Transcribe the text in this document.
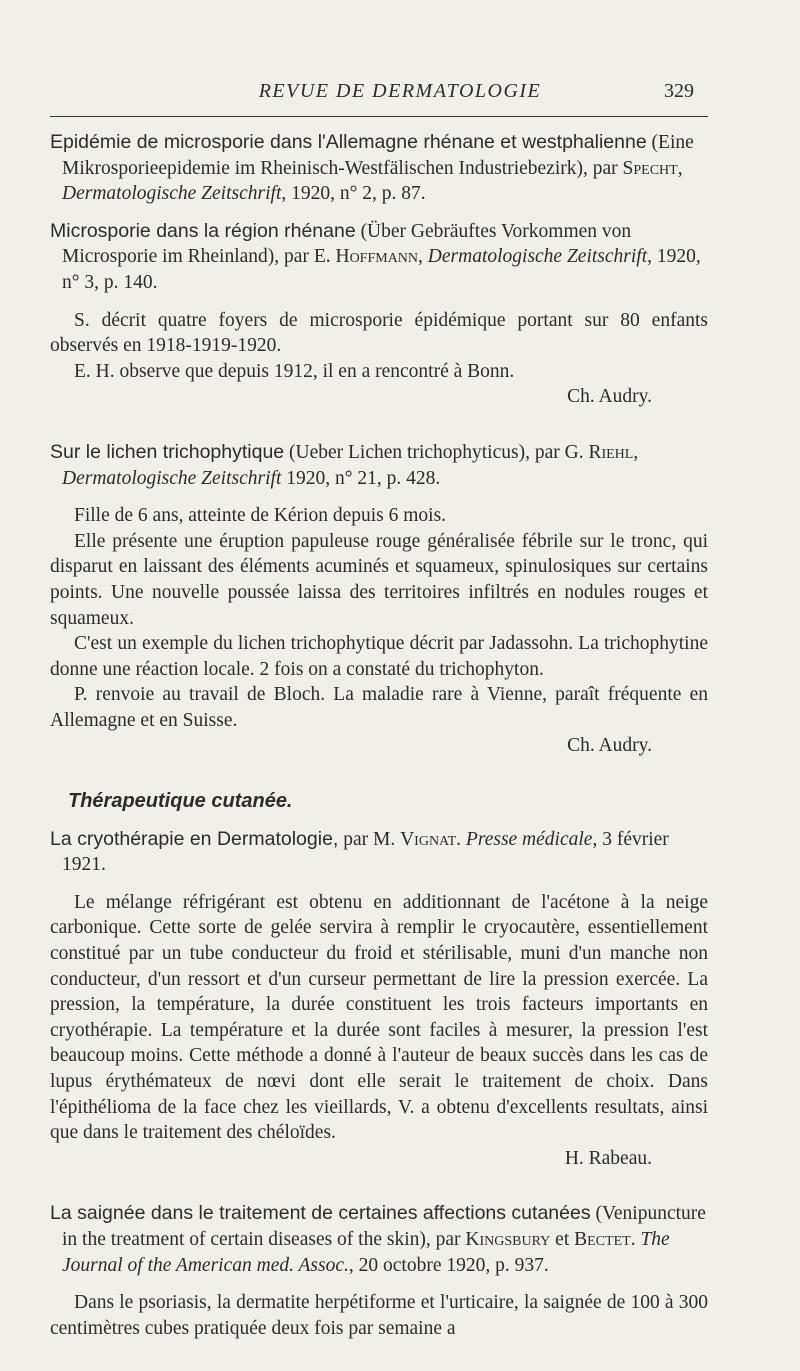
REVUE DE DERMATOLOGIE	329

Epidémie de microsporie dans l'Allemagne rhénane et westphalienne (Eine Mikrosporieepidemie im Rheinisch-Westfälischen Industriebezirk), par Specht, Dermatologische Zeitschrift, 1920, n° 2, p. 87.

Microsporie dans la région rhénane (Über Gebräuftes Vorkommen von Microsporie im Rheinland), par E. Hoffmann, Dermatologische Zeitschrift, 1920, n° 3, p. 140.

S. décrit quatre foyers de microsporie épidémique portant sur 80 enfants observés en 1918-1919-1920.

E. H. observe que depuis 1912, il en a rencontré à Bonn.

Ch. Audry.

Sur le lichen trichophytique (Ueber Lichen trichophyticus), par G. Riehl, Dermatologische Zeitschrift 1920, n° 21, p. 428.

Fille de 6 ans, atteinte de Kérion depuis 6 mois.

Elle présente une éruption papuleuse rouge généralisée fébrile sur le tronc, qui disparut en laissant des éléments acuminés et squameux, spinulosiques sur certains points. Une nouvelle poussée laissa des territoires infiltrés en nodules rouges et squameux.

C'est un exemple du lichen trichophytique décrit par Jadassohn. La trichophytine donne une réaction locale. 2 fois on a constaté du trichophyton.

P. renvoie au travail de Bloch. La maladie rare à Vienne, paraît fréquente en Allemagne et en Suisse.

Ch. Audry.

Thérapeutique cutanée.

La cryothérapie en Dermatologie, par M. Vignat. Presse médicale, 3 février 1921.

Le mélange réfrigérant est obtenu en additionnant de l'acétone à la neige carbonique. Cette sorte de gelée servira à remplir le cryocautère, essentiellement constitué par un tube conducteur du froid et stérilisable, muni d'un manche non conducteur, d'un ressort et d'un curseur permettant de lire la pression exercée. La pression, la température, la durée constituent les trois facteurs importants en cryothérapie. La température et la durée sont faciles à mesurer, la pression l'est beaucoup moins. Cette méthode a donné à l'auteur de beaux succès dans les cas de lupus érythémateux de nœvi dont elle serait le traitement de choix. Dans l'épithélioma de la face chez les vieillards, V. a obtenu d'excellents resultats, ainsi que dans le traitement des chéloïdes.

H. Rabeau.

La saignée dans le traitement de certaines affections cutanées (Venipuncture in the treatment of certain diseases of the skin), par Kingsbury et Bectet. The Journal of the American med. Assoc., 20 octobre 1920, p. 937.

Dans le psoriasis, la dermatite herpétiforme et l'urticaire, la saignée de 100 à 300 centimètres cubes pratiquée deux fois par semaine a
